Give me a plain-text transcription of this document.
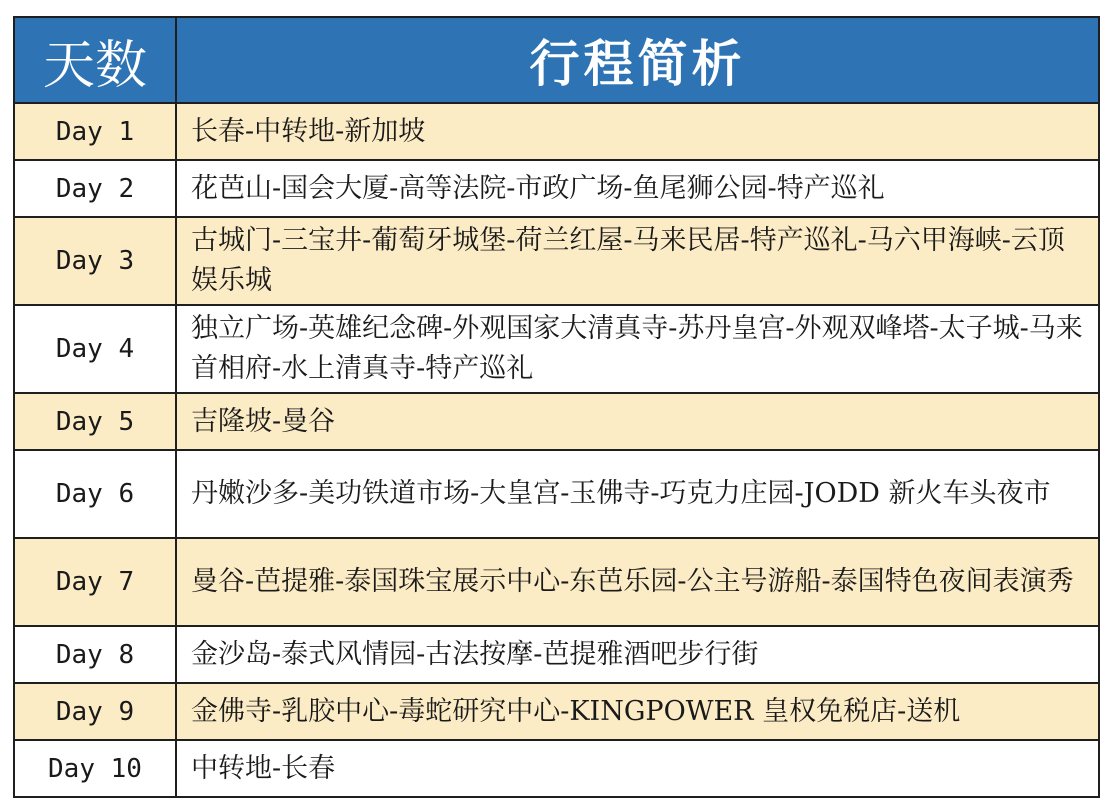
天数	行程简析
Day 1	长春-中转地-新加坡
Day 2	花芭山-国会大厦-高等法院-市政广场-鱼尾狮公园-特产巡礼
Day 3	古城门-三宝井-葡萄牙城堡-荷兰红屋-马来民居-特产巡礼-马六甲海峡-云顶娱乐城
Day 4	独立广场-英雄纪念碑-外观国家大清真寺-苏丹皇宫-外观双峰塔-太子城-马来首相府-水上清真寺-特产巡礼
Day 5	吉隆坡-曼谷
Day 6	丹嫩沙多-美功铁道市场-大皇宫-玉佛寺-巧克力庄园-JODD 新火车头夜市
Day 7	曼谷-芭提雅-泰国珠宝展示中心-东芭乐园-公主号游船-泰国特色夜间表演秀
Day 8	金沙岛-泰式风情园-古法按摩-芭提雅酒吧步行街
Day 9	金佛寺-乳胶中心-毒蛇研究中心-KINGPOWER 皇权免税店-送机
Day 10	中转地-长春
